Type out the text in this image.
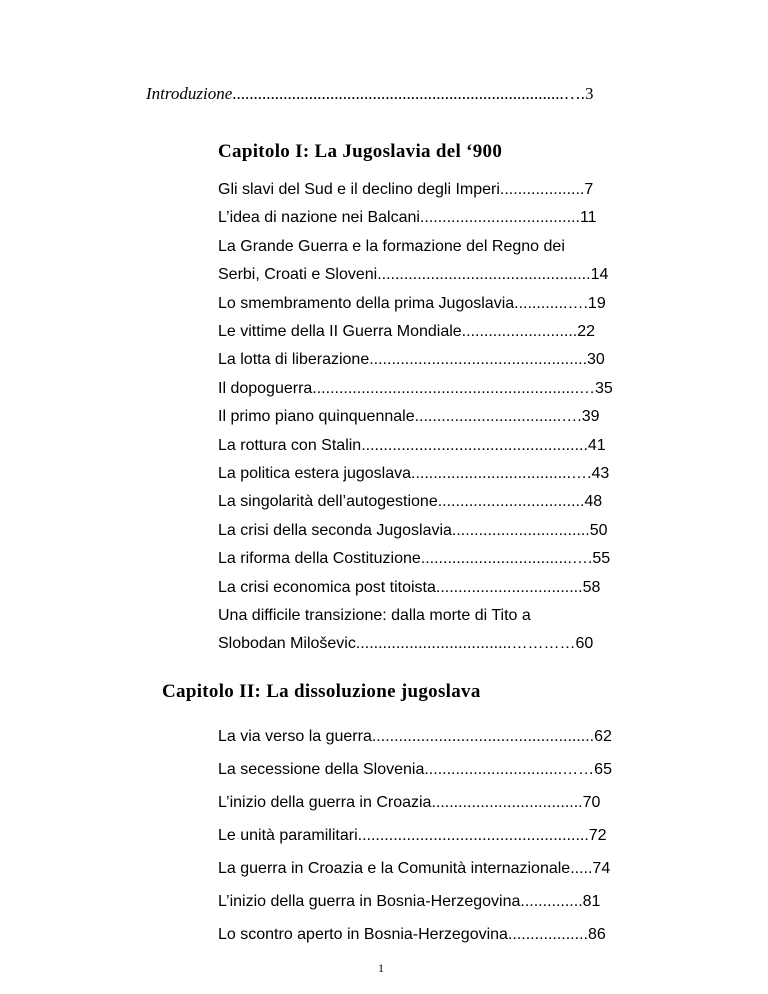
Introduzione..............................................................................….3
Capitolo I: La Jugoslavia del ‘900
Gli slavi del Sud e il declino degli Imperi...................7
L’idea di nazione nei Balcani....................................11
La Grande Guerra e la formazione del Regno dei
Serbi, Croati e Sloveni................................................14
Lo smembramento della prima Jugoslavia............….19
Le vittime della II Guerra Mondiale..........................22
La lotta di liberazione.................................................30
Il dopoguerra............................................................…35
Il primo piano quinquennale.................................….39
La rottura con Stalin...................................................41
La politica estera jugoslava....................................….43
La singolarità dell’autogestione.................................48
La crisi della seconda Jugoslavia...............................50
La riforma della Costituzione..................................….55
La crisi economica post titoista.................................58
Una difficile transizione: dalla morte di Tito a
Slobodan Miloševic...................................…………60
Capitolo II: La dissoluzione jugoslava
La via verso la guerra..................................................62
La secessione della Slovenia...............................……65
L’inizio della guerra in Croazia..................................70
Le unità paramilitari....................................................72
La guerra in Croazia e la Comunità internazionale.....74
L’inizio della guerra in Bosnia-Herzegovina..............81
Lo scontro aperto in Bosnia-Herzegovina..................86
1
